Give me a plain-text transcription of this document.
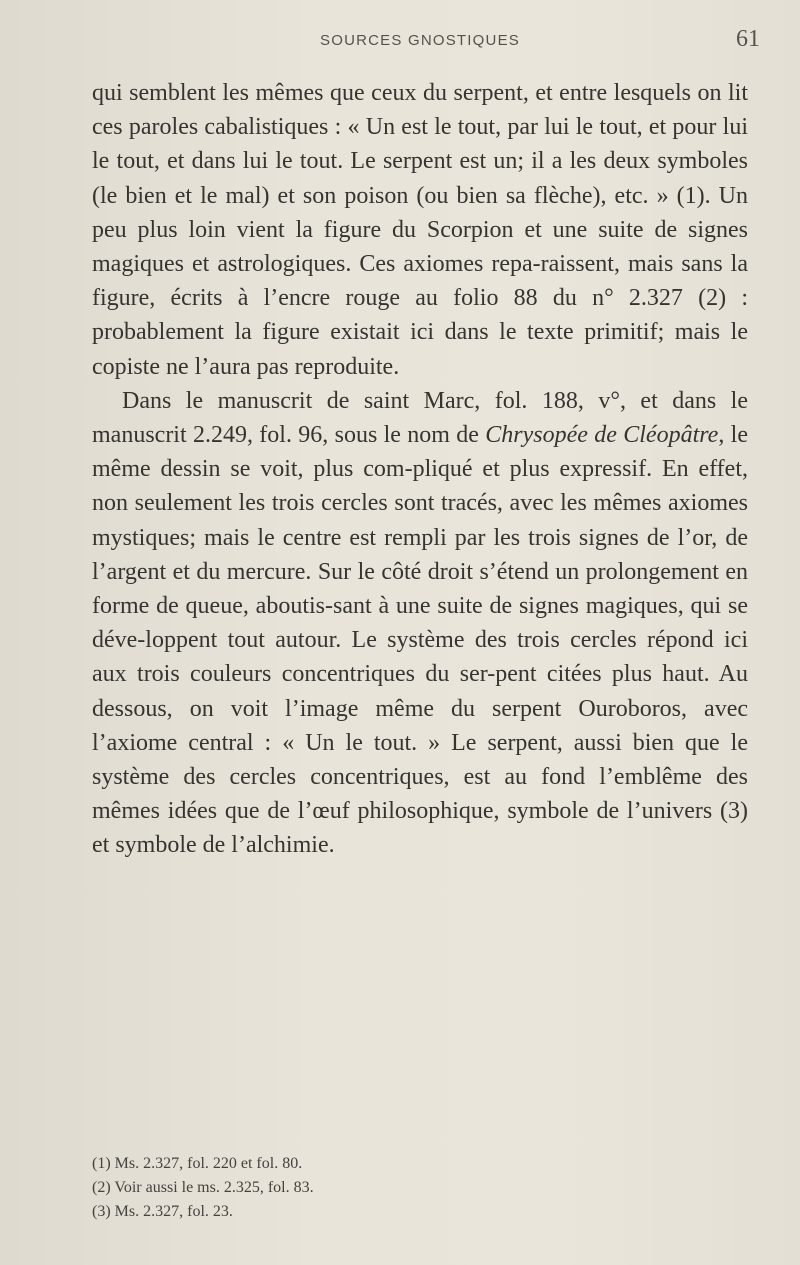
SOURCES GNOSTIQUES	61

qui semblent les mêmes que ceux du serpent, et entre lesquels on lit ces paroles cabalistiques : « Un est le tout, par lui le tout, et pour lui le tout, et dans lui le tout. Le serpent est un; il a les deux symboles (le bien et le mal) et son poison (ou bien sa flèche), etc. » (1). Un peu plus loin vient la figure du Scorpion et une suite de signes magiques et astrologiques. Ces axiomes repa-raissent, mais sans la figure, écrits à l’encre rouge au folio 88 du n° 2.327 (2) : probablement la figure existait ici dans le texte primitif; mais le copiste ne l’aura pas reproduite.

Dans le manuscrit de saint Marc, fol. 188, v°, et dans le manuscrit 2.249, fol. 96, sous le nom de Chrysopée de Cléopâtre, le même dessin se voit, plus com-pliqué et plus expressif. En effet, non seulement les trois cercles sont tracés, avec les mêmes axiomes mystiques; mais le centre est rempli par les trois signes de l’or, de l’argent et du mercure. Sur le côté droit s’étend un prolongement en forme de queue, aboutis-sant à une suite de signes magiques, qui se déve-loppent tout autour. Le système des trois cercles répond ici aux trois couleurs concentriques du ser-pent citées plus haut. Au dessous, on voit l’image même du serpent Ouroboros, avec l’axiome central : « Un le tout. » Le serpent, aussi bien que le système des cercles concentriques, est au fond l’emblême des mêmes idées que de l’œuf philosophique, symbole de l’univers (3) et symbole de l’alchimie.

(1) Ms. 2.327, fol. 220 et fol. 80.
(2) Voir aussi le ms. 2.325, fol. 83.
(3) Ms. 2.327, fol. 23.
